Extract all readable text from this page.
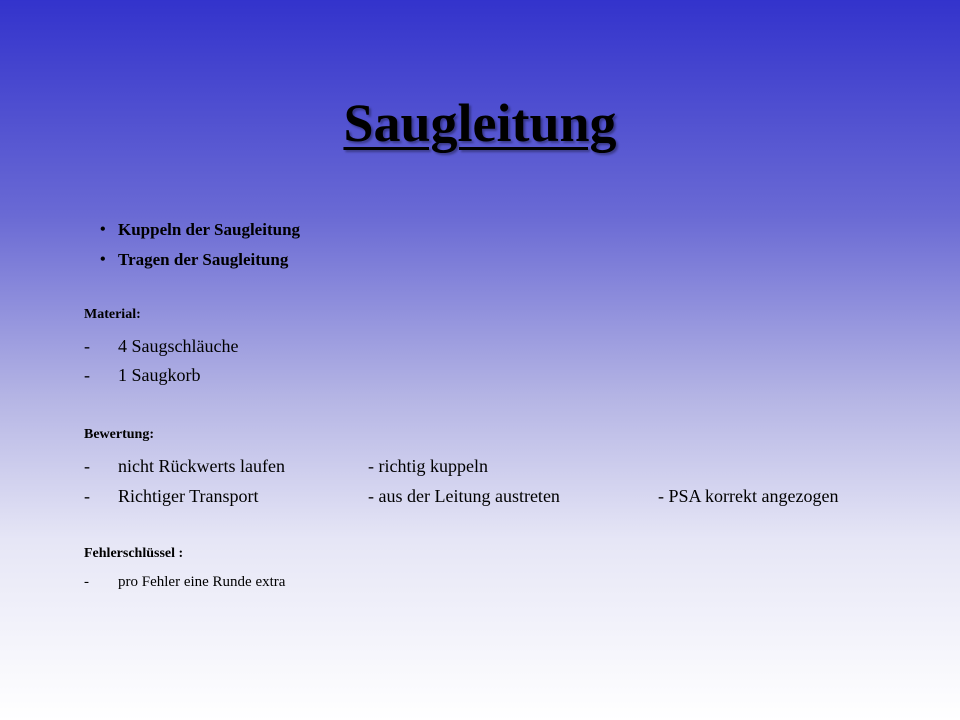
Saugleitung
• Kuppeln der Saugleitung
• Tragen der Saugleitung
Material:
-	4 Saugschläuche
-	1 Saugkorb
Bewertung:
-	nicht Rückwerts laufen	- richtig kuppeln
-	Richtiger Transport	- aus der Leitung austreten	- PSA korrekt angezogen
Fehlerschlüssel :
-	pro Fehler eine Runde extra
